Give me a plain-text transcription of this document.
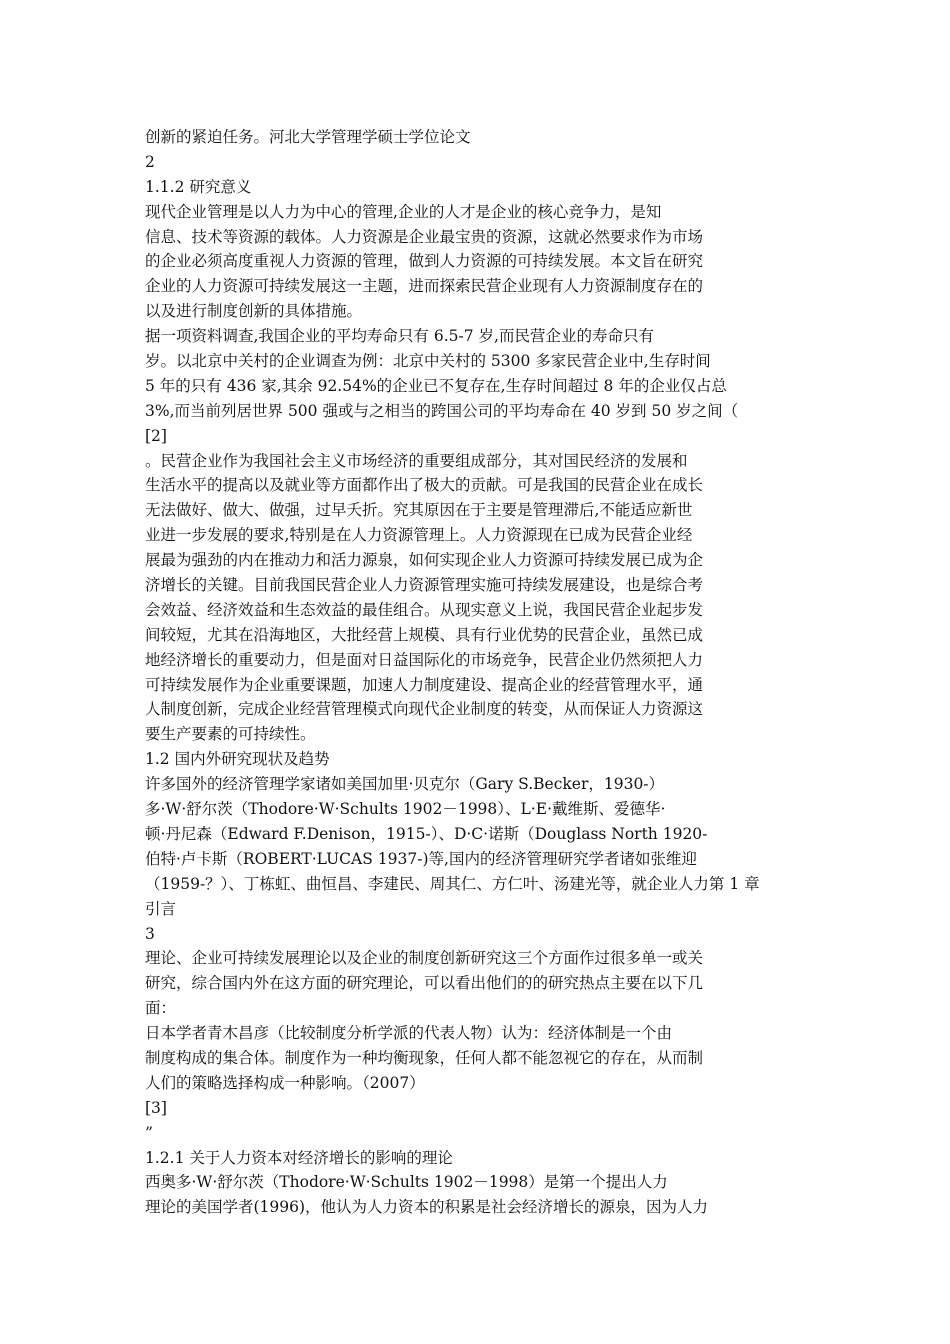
创新的紧迫任务。河北大学管理学硕士学位论文
2
1.1.2 研究意义
现代企业管理是以人力为中心的管理,企业的人才是企业的核心竞争力，是知
信息、技术等资源的载体。人力资源是企业最宝贵的资源，这就必然要求作为市场
的企业必须高度重视人力资源的管理，做到人力资源的可持续发展。本文旨在研究
企业的人力资源可持续发展这一主题，进而探索民营企业现有人力资源制度存在的
以及进行制度创新的具体措施。
据一项资料调查,我国企业的平均寿命只有 6.5-7 岁,而民营企业的寿命只有
岁。以北京中关村的企业调查为例：北京中关村的 5300 多家民营企业中,生存时间
5 年的只有 436 家,其余 92.54%的企业已不复存在,生存时间超过 8 年的企业仅占总
3%,而当前列居世界 500 强或与之相当的跨国公司的平均寿命在 40 岁到 50 岁之间（
[2]
。民营企业作为我国社会主义市场经济的重要组成部分，其对国民经济的发展和
生活水平的提高以及就业等方面都作出了极大的贡献。可是我国的民营企业在成长
无法做好、做大、做强，过早夭折。究其原因在于主要是管理滞后,不能适应新世
业进一步发展的要求,特别是在人力资源管理上。人力资源现在已成为民营企业经
展最为强劲的内在推动力和活力源泉，如何实现企业人力资源可持续发展已成为企
济增长的关键。目前我国民营企业人力资源管理实施可持续发展建设，也是综合考
会效益、经济效益和生态效益的最佳组合。从现实意义上说，我国民营企业起步发
间较短，尤其在沿海地区，大批经营上规模、具有行业优势的民营企业，虽然已成
地经济增长的重要动力，但是面对日益国际化的市场竞争，民营企业仍然须把人力
可持续发展作为企业重要课题，加速人力制度建设、提高企业的经营管理水平，通
人制度创新，完成企业经营管理模式向现代企业制度的转变，从而保证人力资源这
要生产要素的可持续性。
1.2 国内外研究现状及趋势
许多国外的经济管理学家诸如美国加里·贝克尔（Gary S.Becker，1930-）
多·W·舒尔茨（Thodore·W·Schults 1902－1998）、L·E·戴维斯、爱德华·
顿·丹尼森（Edward F.Denison，1915-）、D·C·诺斯（Douglass North 1920-
伯特·卢卡斯（ROBERT·LUCAS 1937-)等,国内的经济管理研究学者诸如张维迎
（1959-？）、丁栋虹、曲恒昌、李建民、周其仁、方仁叶、汤建光等，就企业人力第 1 章
引言
3
理论、企业可持续发展理论以及企业的制度创新研究这三个方面作过很多单一或关
研究，综合国内外在这方面的研究理论，可以看出他们的的研究热点主要在以下几
面：
日本学者青木昌彦（比较制度分析学派的代表人物）认为：经济体制是一个由
制度构成的集合体。制度作为一种均衡现象，任何人都不能忽视它的存在，从而制
人们的策略选择构成一种影响。（2007）
[3]
”
1.2.1 关于人力资本对经济增长的影响的理论
西奥多·W·舒尔茨（Thodore·W·Schults 1902－1998）是第一个提出人力
理论的美国学者(1996)，他认为人力资本的积累是社会经济增长的源泉，因为人力
